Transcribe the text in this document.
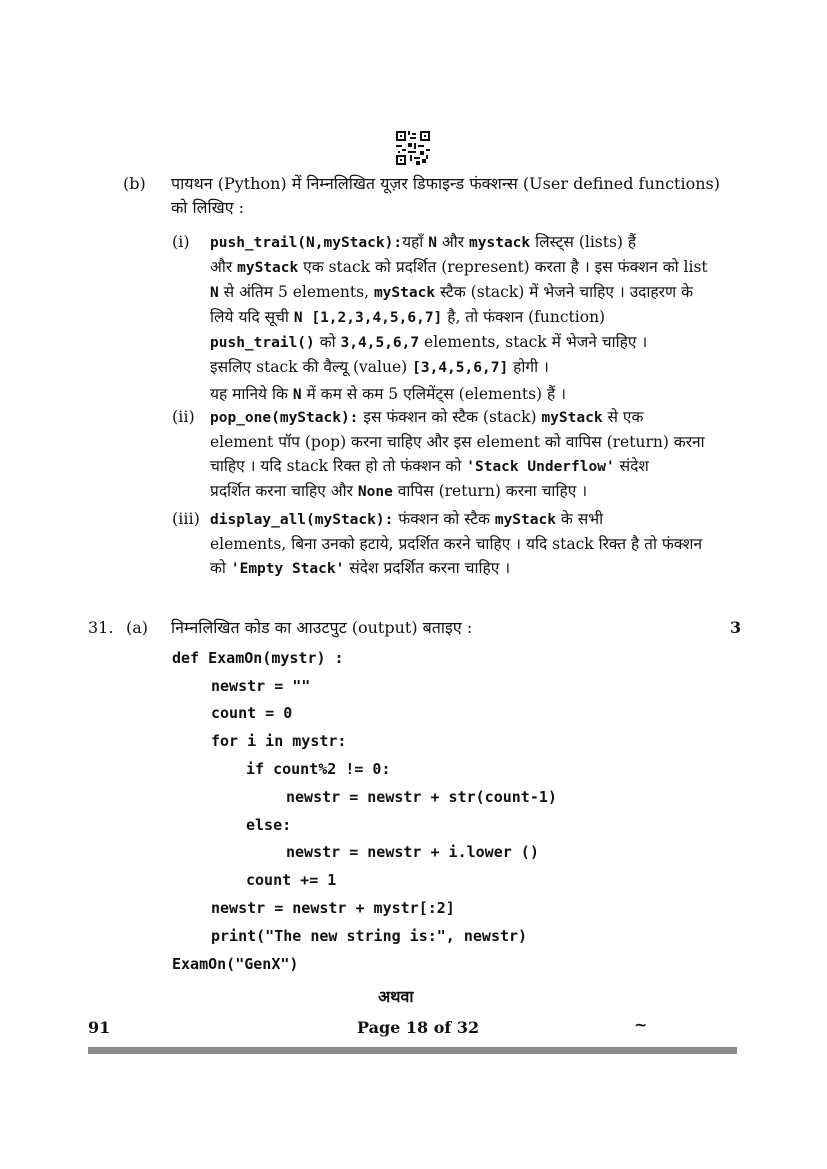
(b) पायथन (Python) में निम्नलिखित यूज़र डिफाइन्ड फंक्शन्स (User defined functions)
को लिखिए :
(i) push_trail(N,myStack):यहाँ N और mystack लिस्ट्स (lists) हैं
और myStack एक stack को प्रदर्शित (represent) करता है । इस फंक्शन को list
N से अंतिम 5 elements, myStack स्टैक (stack) में भेजने चाहिए । उदाहरण के
लिये यदि सूची N [1,2,3,4,5,6,7] है, तो फंक्शन (function)
push_trail() को 3,4,5,6,7 elements, stack में भेजने चाहिए ।
इसलिए stack की वैल्यू (value) [3,4,5,6,7] होगी ।
यह मानिये कि N में कम से कम 5 एलिमेंट्स (elements) हैं ।
(ii) pop_one(myStack): इस फंक्शन को स्टैक (stack) myStack से एक
element पॉप (pop) करना चाहिए और इस element को वापिस (return) करना
चाहिए । यदि stack रिक्त हो तो फंक्शन को 'Stack Underflow' संदेश
प्रदर्शित करना चाहिए और None वापिस (return) करना चाहिए ।
(iii) display_all(myStack): फंक्शन को स्टैक myStack के सभी
elements, बिना उनको हटाये, प्रदर्शित करने चाहिए । यदि stack रिक्त है तो फंक्शन
को 'Empty Stack' संदेश प्रदर्शित करना चाहिए ।
31. (a) निम्नलिखित कोड का आउटपुट (output) बताइए :	3
def ExamOn(mystr) :
newstr = ""
count = 0
for i in mystr:
if count%2 != 0:
newstr = newstr + str(count-1)
else:
newstr = newstr + i.lower ()
count += 1
newstr = newstr + mystr[:2]
print("The new string is:", newstr)
ExamOn("GenX")
अथवा
91	Page 18 of 32	~
